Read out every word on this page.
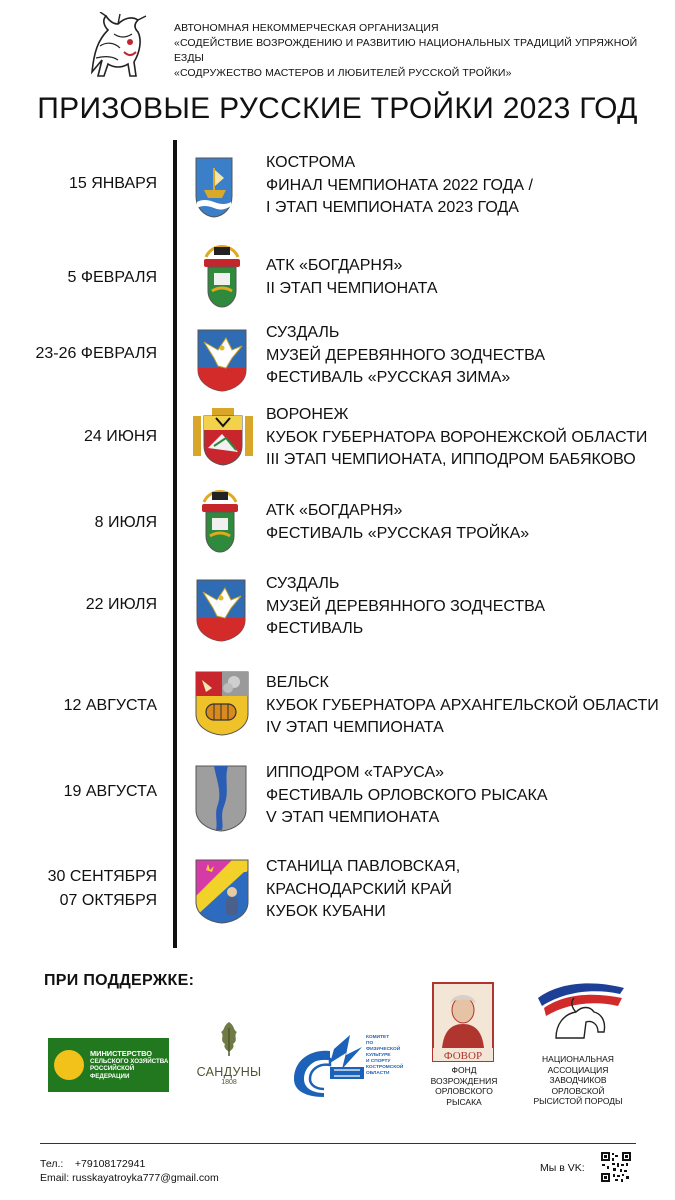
АВТОНОМНАЯ НЕКОММЕРЧЕСКАЯ ОРГАНИЗАЦИЯ
«СОДЕЙСТВИЕ ВОЗРОЖДЕНИЮ И РАЗВИТИЮ НАЦИОНАЛЬНЫХ ТРАДИЦИЙ УПРЯЖНОЙ ЕЗДЫ
«СОДРУЖЕСТВО МАСТЕРОВ И ЛЮБИТЕЛЕЙ РУССКОЙ ТРОЙКИ»
ПРИЗОВЫЕ РУССКИЕ ТРОЙКИ 2023 ГОД
15 ЯНВАРЯ
КОСТРОМА
ФИНАЛ ЧЕМПИОНАТА 2022 ГОДА /
I ЭТАП ЧЕМПИОНАТА 2023 ГОДА
5 ФЕВРАЛЯ
АТК «БОГДАРНЯ»
II ЭТАП ЧЕМПИОНАТА
23-26 ФЕВРАЛЯ
СУЗДАЛЬ
МУЗЕЙ ДЕРЕВЯННОГО ЗОДЧЕСТВА
ФЕСТИВАЛЬ «РУССКАЯ ЗИМА»
24 ИЮНЯ
ВОРОНЕЖ
КУБОК ГУБЕРНАТОРА ВОРОНЕЖСКОЙ ОБЛАСТИ
III ЭТАП ЧЕМПИОНАТА, ИППОДРОМ БАБЯКОВО
8 ИЮЛЯ
АТК «БОГДАРНЯ»
ФЕСТИВАЛЬ «РУССКАЯ ТРОЙКА»
22 ИЮЛЯ
СУЗДАЛЬ
МУЗЕЙ ДЕРЕВЯННОГО ЗОДЧЕСТВА
ФЕСТИВАЛЬ
12 АВГУСТА
ВЕЛЬСК
КУБОК ГУБЕРНАТОРА АРХАНГЕЛЬСКОЙ ОБЛАСТИ
IV ЭТАП ЧЕМПИОНАТА
19 АВГУСТА
ИППОДРОМ «ТАРУСА»
ФЕСТИВАЛЬ ОРЛОВСКОГО РЫСАКА
V ЭТАП ЧЕМПИОНАТА
30 СЕНТЯБРЯ
07 ОКТЯБРЯ
СТАНИЦА ПАВЛОВСКАЯ,
КРАСНОДАРСКИЙ КРАЙ
КУБОК КУБАНИ
ПРИ ПОДДЕРЖКЕ:
МИНИСТЕРСТВО
СЕЛЬСКОГО ХОЗЯЙСТВА
РОССИЙСКОЙ ФЕДЕРАЦИИ	САНДУНЫ
1808
КОМИТЕТ
ПО ФИЗИЧЕСКОЙ
КУЛЬТУРЕ
И СПОРТУ
КОСТРОМСКОЙ
ОБЛАСТИ
ФОВОР
ФОНД
ВОЗРОЖДЕНИЯ
ОРЛОВСКОГО
РЫСАКА
НАЦИОНАЛЬНАЯ
АССОЦИАЦИЯ
ЗАВОДЧИКОВ
ОРЛОВСКОЙ
РЫСИСТОЙ ПОРОДЫ
Тел.: +79108172941
Email: russkayatroyka777@gmail.com
Мы в VK:
